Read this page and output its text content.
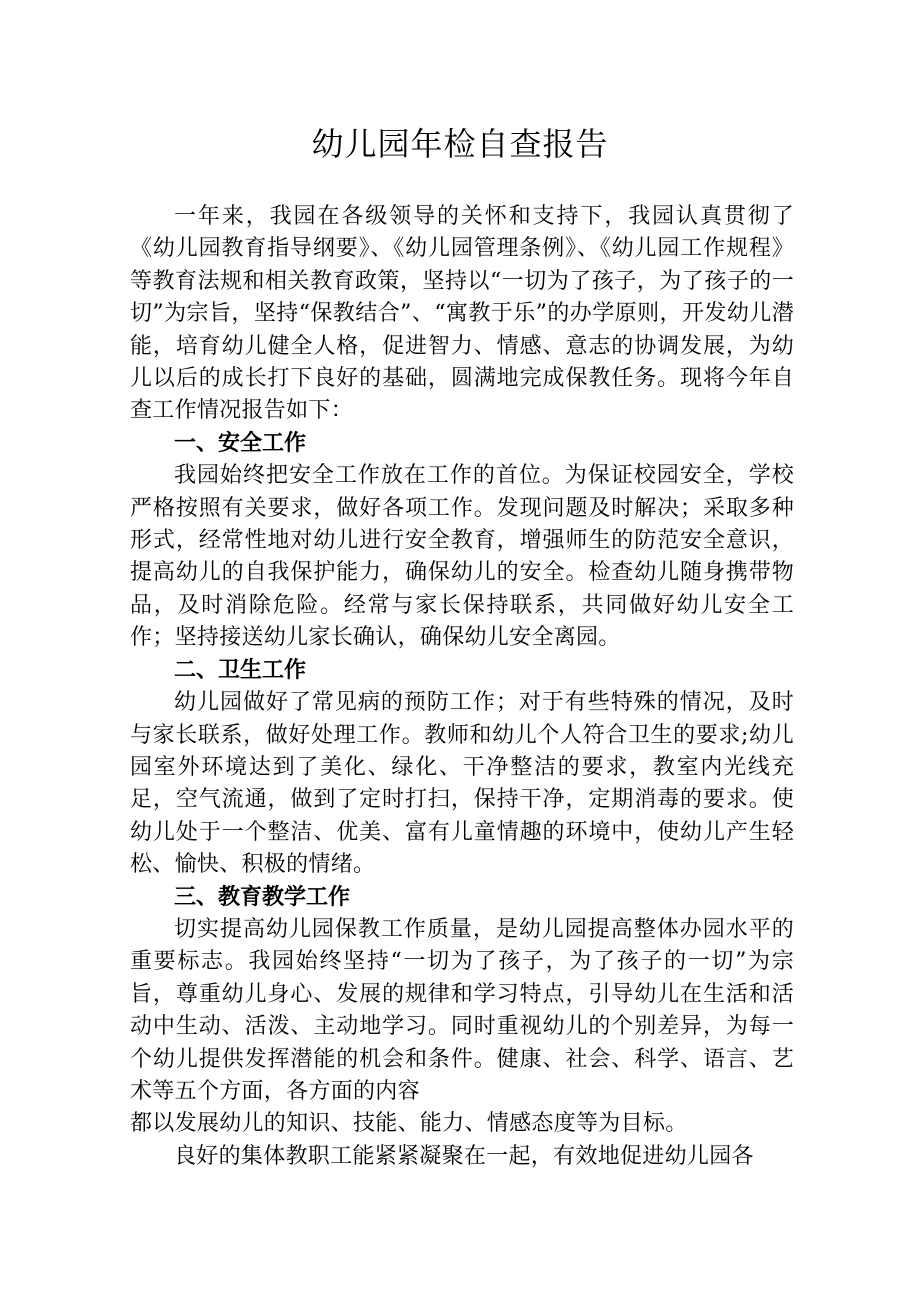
幼儿园年检自查报告

一年来，我园在各级领导的关怀和支持下，我园认真贯彻了《幼儿园教育指导纲要》、《幼儿园管理条例》、《幼儿园工作规程》等教育法规和相关教育政策，坚持以“一切为了孩子，为了孩子的一切”为宗旨，坚持“保教结合”、“寓教于乐”的办学原则，开发幼儿潜能，培育幼儿健全人格，促进智力、情感、意志的协调发展，为幼儿以后的成长打下良好的基础，圆满地完成保教任务。现将今年自查工作情况报告如下：

一、安全工作

我园始终把安全工作放在工作的首位。为保证校园安全，学校严格按照有关要求，做好各项工作。发现问题及时解决；采取多种形式，经常性地对幼儿进行安全教育，增强师生的防范安全意识，提高幼儿的自我保护能力，确保幼儿的安全。检查幼儿随身携带物品，及时消除危险。经常与家长保持联系，共同做好幼儿安全工作；坚持接送幼儿家长确认，确保幼儿安全离园。

二、卫生工作

幼儿园做好了常见病的预防工作；对于有些特殊的情况，及时与家长联系，做好处理工作。教师和幼儿个人符合卫生的要求;幼儿园室外环境达到了美化、绿化、干净整洁的要求，教室内光线充足，空气流通，做到了定时打扫，保持干净，定期消毒的要求。使幼儿处于一个整洁、优美、富有儿童情趣的环境中，使幼儿产生轻松、愉快、积极的情绪。

三、教育教学工作

切实提高幼儿园保教工作质量，是幼儿园提高整体办园水平的重要标志。我园始终坚持“一切为了孩子，为了孩子的一切”为宗旨，尊重幼儿身心、发展的规律和学习特点，引导幼儿在生活和活动中生动、活泼、主动地学习。同时重视幼儿的个别差异，为每一个幼儿提供发挥潜能的机会和条件。健康、社会、科学、语言、艺术等五个方面，各方面的内容

都以发展幼儿的知识、技能、能力、情感态度等为目标。

良好的集体教职工能紧紧凝聚在一起，有效地促进幼儿园各
